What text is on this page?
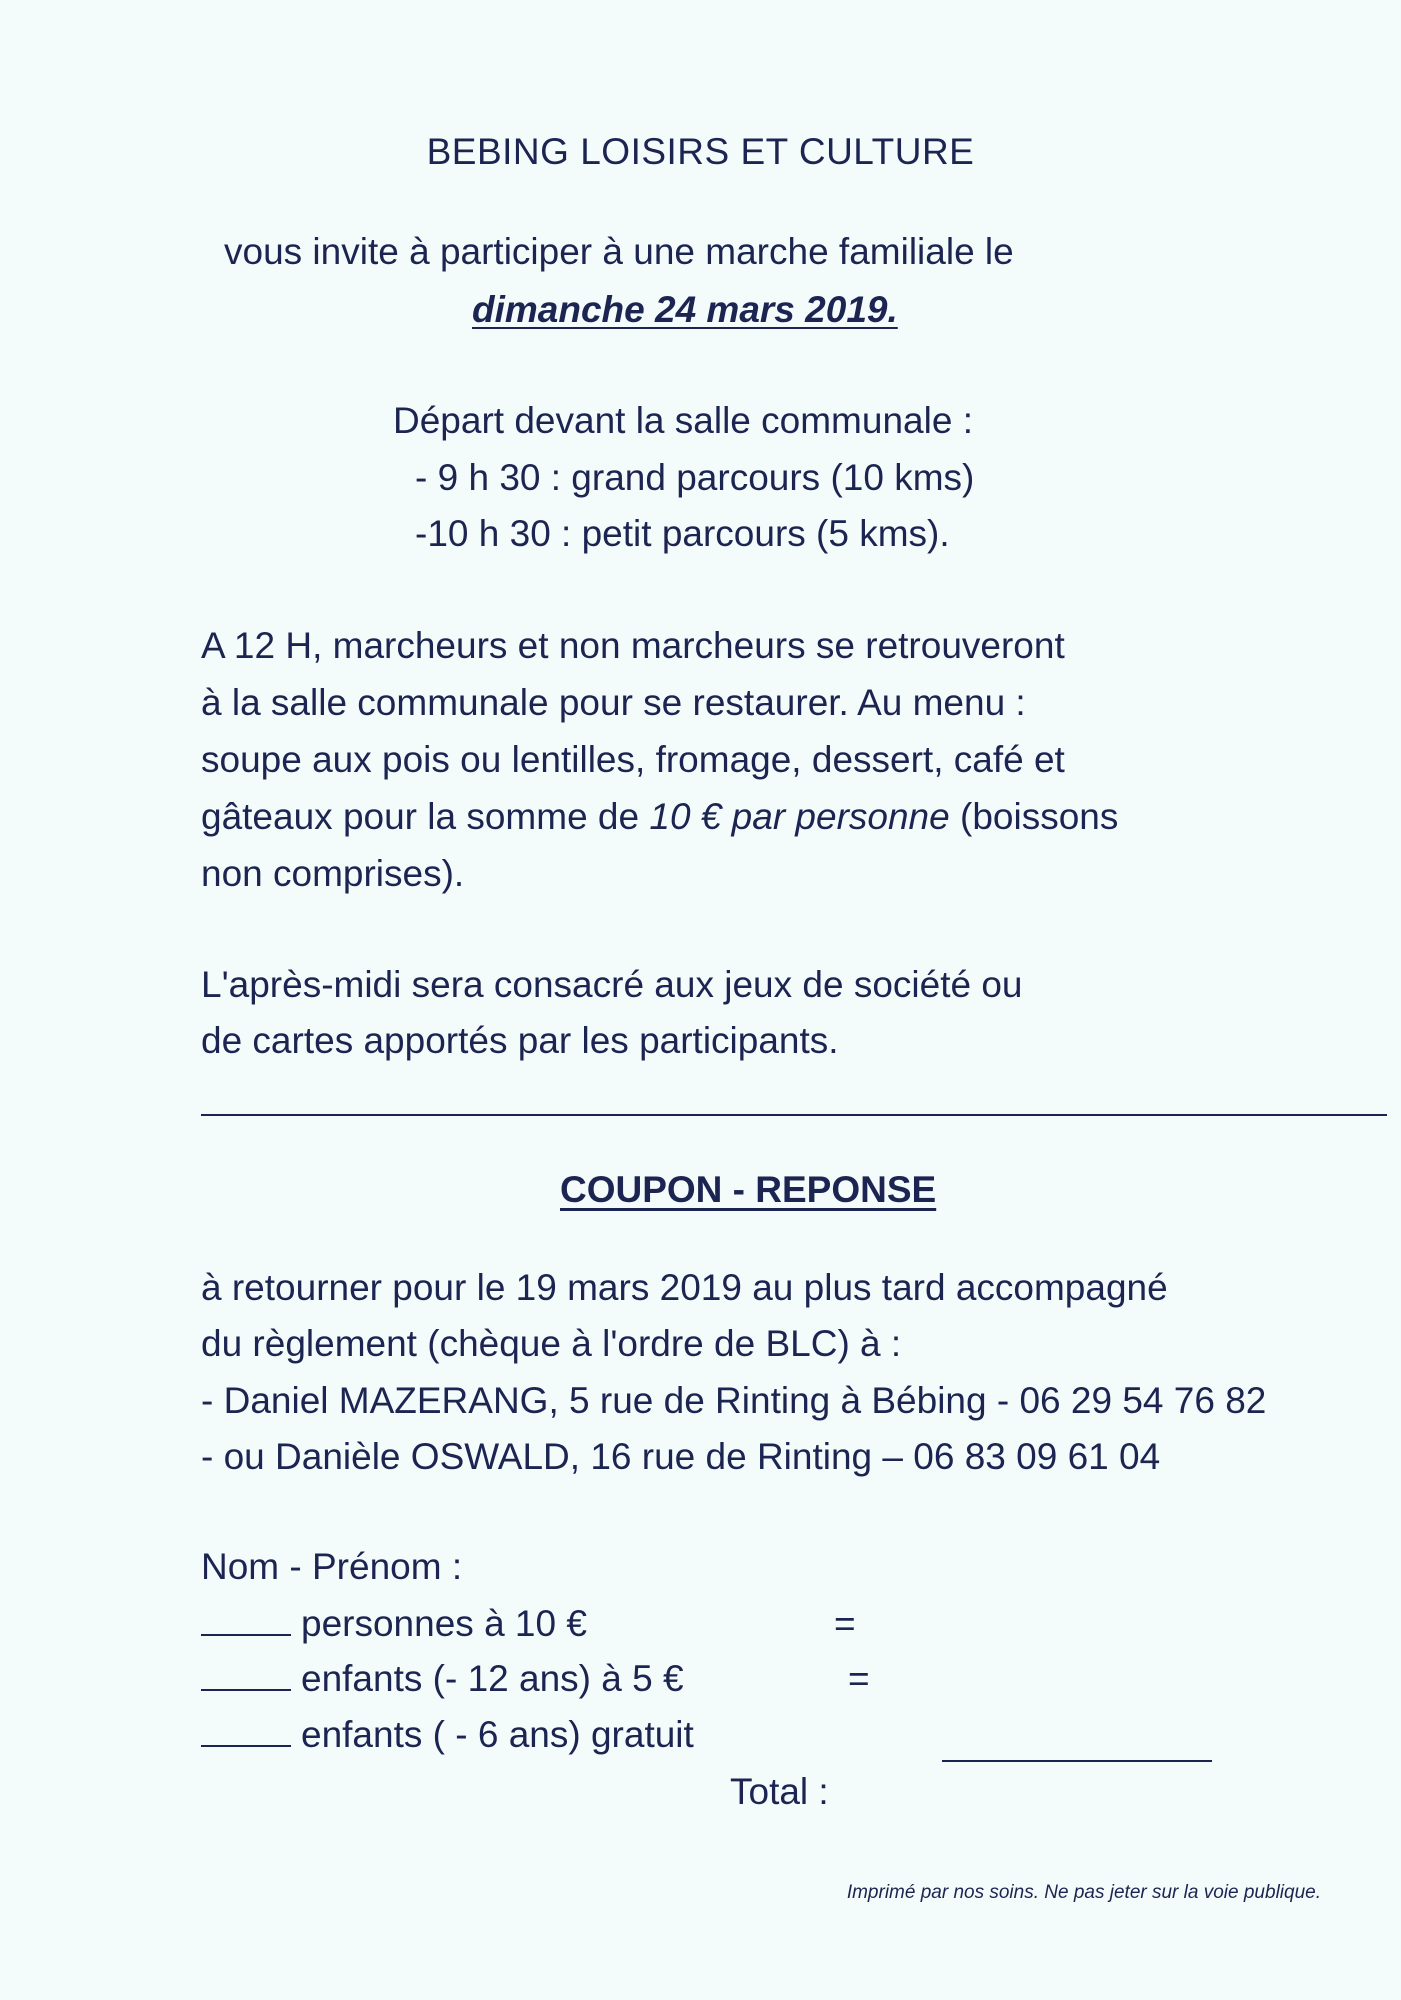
BEBING LOISIRS ET CULTURE
vous invite à participer à une marche familiale le
dimanche 24 mars 2019.
Départ devant la salle communale :
- 9 h 30 : grand parcours (10 kms)
-10 h 30 : petit parcours (5 kms).
A 12 H, marcheurs et non marcheurs se retrouveront
à la salle communale pour se restaurer. Au menu :
soupe aux pois ou lentilles, fromage, dessert, café et
gâteaux pour la somme de 10 € par personne (boissons
non comprises).
L'après-midi sera consacré aux jeux de société ou
de cartes apportés par les participants.
COUPON - REPONSE
à retourner pour le 19 mars 2019 au plus tard accompagné
du règlement (chèque à l'ordre de BLC) à :
- Daniel MAZERANG, 5 rue de Rinting à Bébing - 06 29 54 76 82
- ou Danièle OSWALD, 16 rue de Rinting – 06 83 09 61 04
Nom - Prénom :
personnes à 10 €	=
enfants (- 12 ans) à 5 €	=
enfants ( - 6 ans) gratuit
Total :
Imprimé par nos soins. Ne pas jeter sur la voie publique.
